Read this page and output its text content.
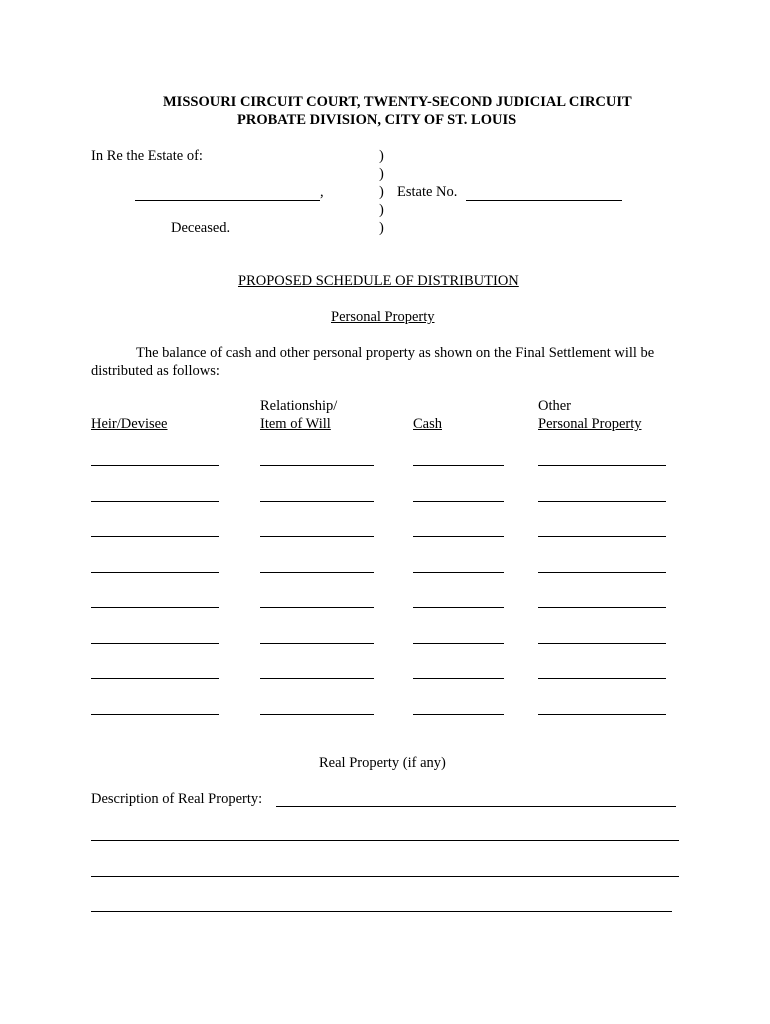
MISSOURI CIRCUIT COURT, TWENTY-SECOND JUDICIAL CIRCUIT
PROBATE DIVISION, CITY OF ST. LOUIS
In Re the Estate of:
,
Deceased.
)
)
)
)
)
Estate No.
PROPOSED SCHEDULE OF DISTRIBUTION
Personal Property
The balance of cash and other personal property as shown on the Final Settlement will be
distributed as follows:
Heir/Devisee
Relationship/
Item of Will	Cash
Other
Personal Property
Real Property (if any)
Description of Real Property:
